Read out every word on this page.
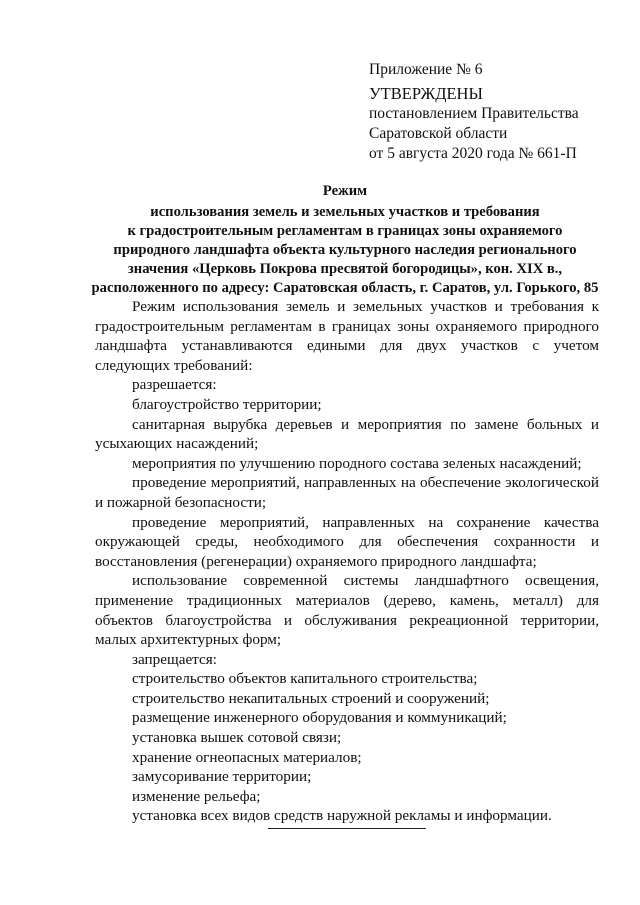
Приложение № 6
УТВЕРЖДЕНЫ
постановлением Правительства
Саратовской области
от 5 августа 2020 года № 661-П
Режим
использования земель и земельных участков и требования
к градостроительным регламентам в границах зоны охраняемого
природного ландшафта объекта культурного наследия регионального
значения «Церковь Покрова пресвятой богородицы», кон. XIX в.,
расположенного по адресу: Саратовская область, г. Саратов, ул. Горького, 85

Режим использования земель и земельных участков и требования к градостроительным регламентам в границах зоны охраняемого природного ландшафта устанавливаются едиными для двух участков с учетом следующих требований:

разрешается:

благоустройство территории;

санитарная вырубка деревьев и мероприятия по замене больных и усыхающих насаждений;

мероприятия по улучшению породного состава зеленых насаждений;

проведение мероприятий, направленных на обеспечение экологической и пожарной безопасности;

проведение мероприятий, направленных на сохранение качества окружающей среды, необходимого для обеспечения сохранности и восстановления (регенерации) охраняемого природного ландшафта;

использование современной системы ландшафтного освещения, применение традиционных материалов (дерево, камень, металл) для объектов благоустройства и обслуживания рекреационной территории, малых архитектурных форм;

запрещается:

строительство объектов капитального строительства;

строительство некапитальных строений и сооружений;

размещение инженерного оборудования и коммуникаций;

установка вышек сотовой связи;

хранение огнеопасных материалов;

замусоривание территории;

изменение рельефа;

установка всех видов средств наружной рекламы и информации.
